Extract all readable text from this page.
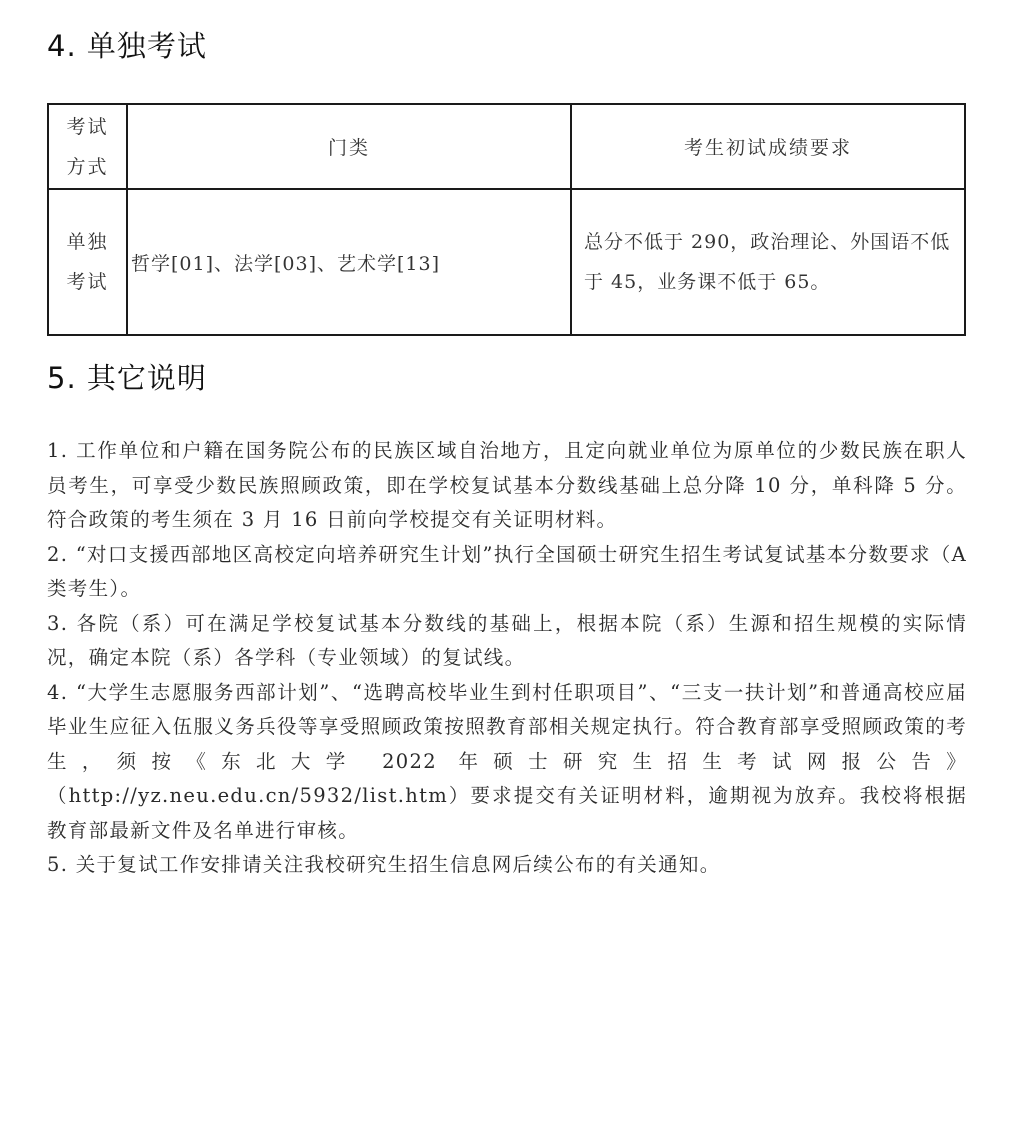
4. 单独考试
考试
方式	门类	考生初试成绩要求

单独
考试	哲学[01]、法学[03]、艺术学[13]	总分不低于 290，政治理论、外国语不低于 45，业务课不低于 65。
5. 其它说明

1. 工作单位和户籍在国务院公布的民族区域自治地方，且定向就业单位为原单位的少数民族在职人员考生，可享受少数民族照顾政策，即在学校复试基本分数线基础上总分降 10 分，单科降 5 分。符合政策的考生须在 3 月 16 日前向学校提交有关证明材料。

2. “对口支援西部地区高校定向培养研究生计划”执行全国硕士研究生招生考试复试基本分数要求（A 类考生）。

3. 各院（系）可在满足学校复试基本分数线的基础上，根据本院（系）生源和招生规模的实际情况，确定本院（系）各学科（专业领域）的复试线。

4. “大学生志愿服务西部计划”、“选聘高校毕业生到村任职项目”、“三支一扶计划”和普通高校应届毕业生应征入伍服义务兵役等享受照顾政策按照教育部相关规定执行。符合教育部享受照顾政策的考生，须按《东北大学 2022 年硕士研究生招生考试网报公告》（http://yz.neu.edu.cn/5932/list.htm）要求提交有关证明材料，逾期视为放弃。我校将根据教育部最新文件及名单进行审核。

5. 关于复试工作安排请关注我校研究生招生信息网后续公布的有关通知。
